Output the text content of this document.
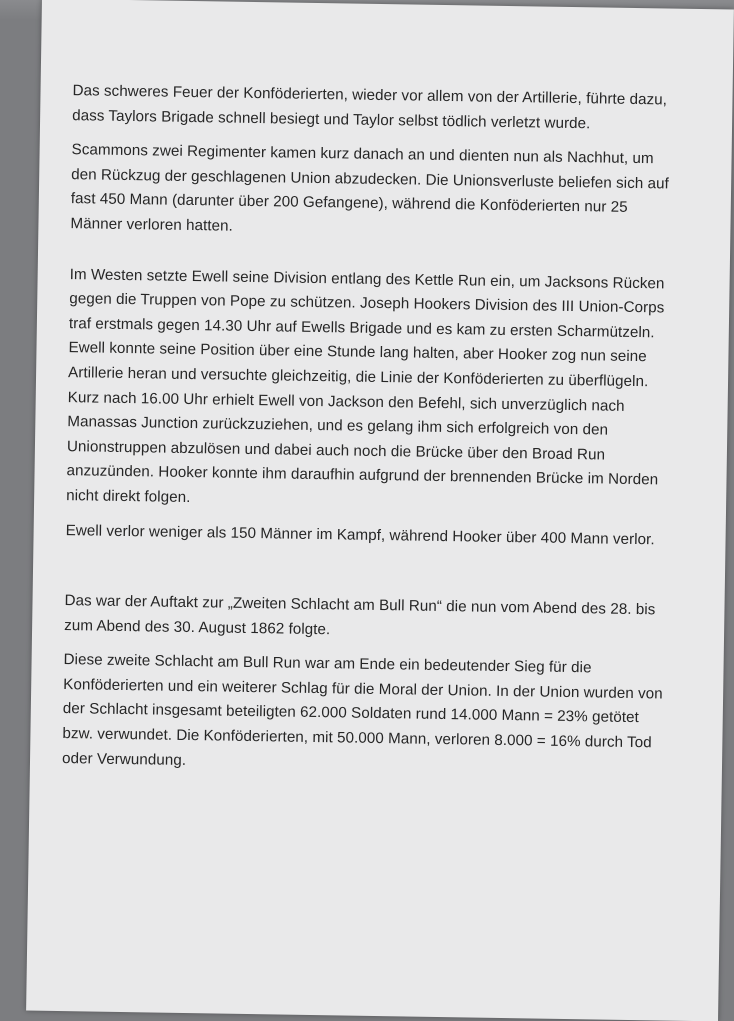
Das schweres Feuer der Konföderierten, wieder vor allem von der Artillerie, führte dazu, dass Taylors Brigade schnell besiegt und Taylor selbst tödlich verletzt wurde.

Scammons zwei Regimenter kamen kurz danach an und dienten nun als Nachhut, um den Rückzug der geschlagenen Union abzudecken. Die Unionsverluste beliefen sich auf fast 450 Mann (darunter über 200 Gefangene), während die Konföderierten nur 25 Männer verloren hatten.

Im Westen setzte Ewell seine Division entlang des Kettle Run ein, um Jacksons Rücken gegen die Truppen von Pope zu schützen. Joseph Hookers Division des III Union-Corps traf erstmals gegen 14.30 Uhr auf Ewells Brigade und es kam zu ersten Scharmützeln. Ewell konnte seine Position über eine Stunde lang halten, aber Hooker zog nun seine Artillerie heran und versuchte gleichzeitig, die Linie der Konföderierten zu überflügeln. Kurz nach 16.00 Uhr erhielt Ewell von Jackson den Befehl, sich unverzüglich nach Manassas Junction zurückzuziehen, und es gelang ihm sich erfolgreich von den Unionstruppen abzulösen und dabei auch noch die Brücke über den Broad Run anzuzünden. Hooker konnte ihm daraufhin aufgrund der brennenden Brücke im Norden nicht direkt folgen.

Ewell verlor weniger als 150 Männer im Kampf, während Hooker über 400 Mann verlor.

Das war der Auftakt zur „Zweiten Schlacht am Bull Run“ die nun vom Abend des 28. bis zum Abend des 30. August 1862 folgte.

Diese zweite Schlacht am Bull Run war am Ende ein bedeutender Sieg für die Konföderierten und ein weiterer Schlag für die Moral der Union. In der Union wurden von der Schlacht insgesamt beteiligten 62.000 Soldaten rund 14.000 Mann = 23% getötet bzw. verwundet. Die Konföderierten, mit 50.000 Mann, verloren 8.000 = 16% durch Tod oder Verwundung.
